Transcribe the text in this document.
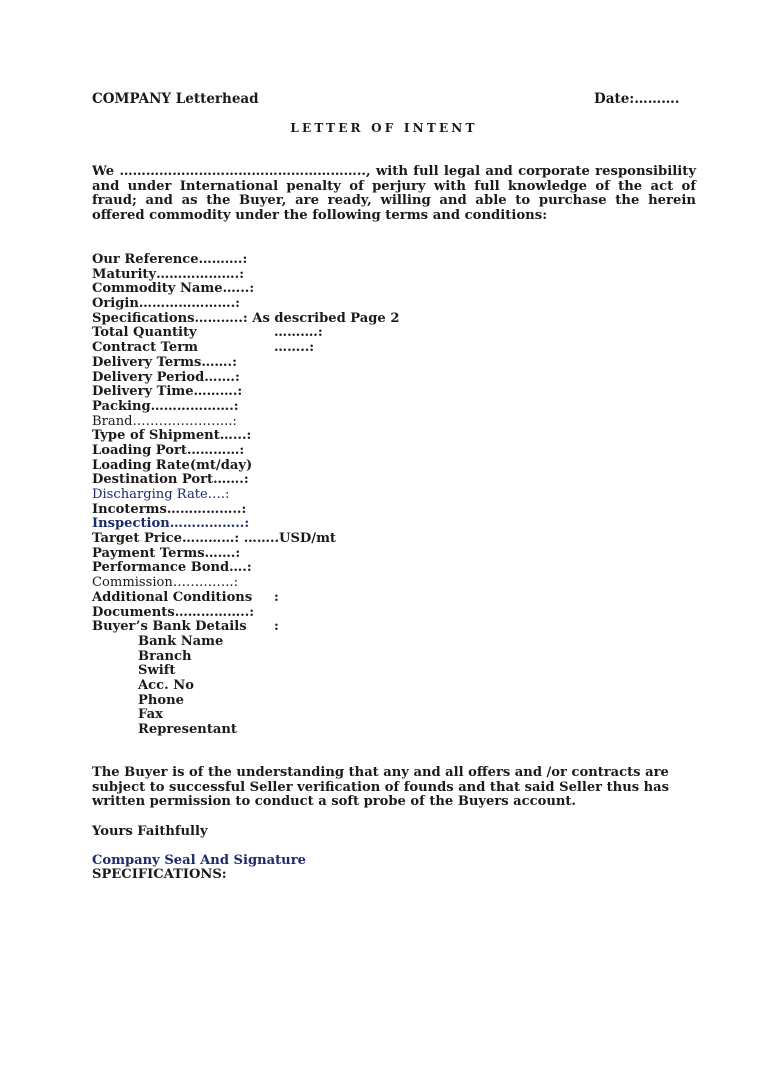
COMPANY Letterhead	Date:……….
LETTER OF INTENT
We ……………………………………………….., with full legal and corporate responsibility and under International penalty of perjury with full knowledge of the act of fraud; and as the Buyer, are ready, willing and able to purchase the herein offered commodity under the following terms and conditions:
Our Reference……….:
Maturity……………….:
Commodity Name…...:
Origin………………….:
Specifications………..: As described Page 2
Total Quantity	……….:
Contract Term	……..:
Delivery Terms…….:
Delivery Period…….:
Delivery Time……….:
Packing……………….:
Brand…………………..:
Type of Shipment…...:
Loading Port…………:
Loading Rate(mt/day)
Destination Port…….:
Discharging Rate….:
Incoterms……………..:
Inspection……………..:
Target Price…………: ……..USD/mt
Payment Terms…….:
Performance Bond….:
Commission…………..:
Additional Conditions :
Documents……………..:
Buyer’s Bank Details :
Bank Name
Branch
Swift
Acc. No
Phone
Fax
Representant
The Buyer is of the understanding that any and all offers and /or contracts are subject to successful Seller verification of founds and that said Seller thus has written permission to conduct a soft probe of the Buyers account.
Yours Faithfully
Company Seal And Signature
SPECIFICATIONS:
